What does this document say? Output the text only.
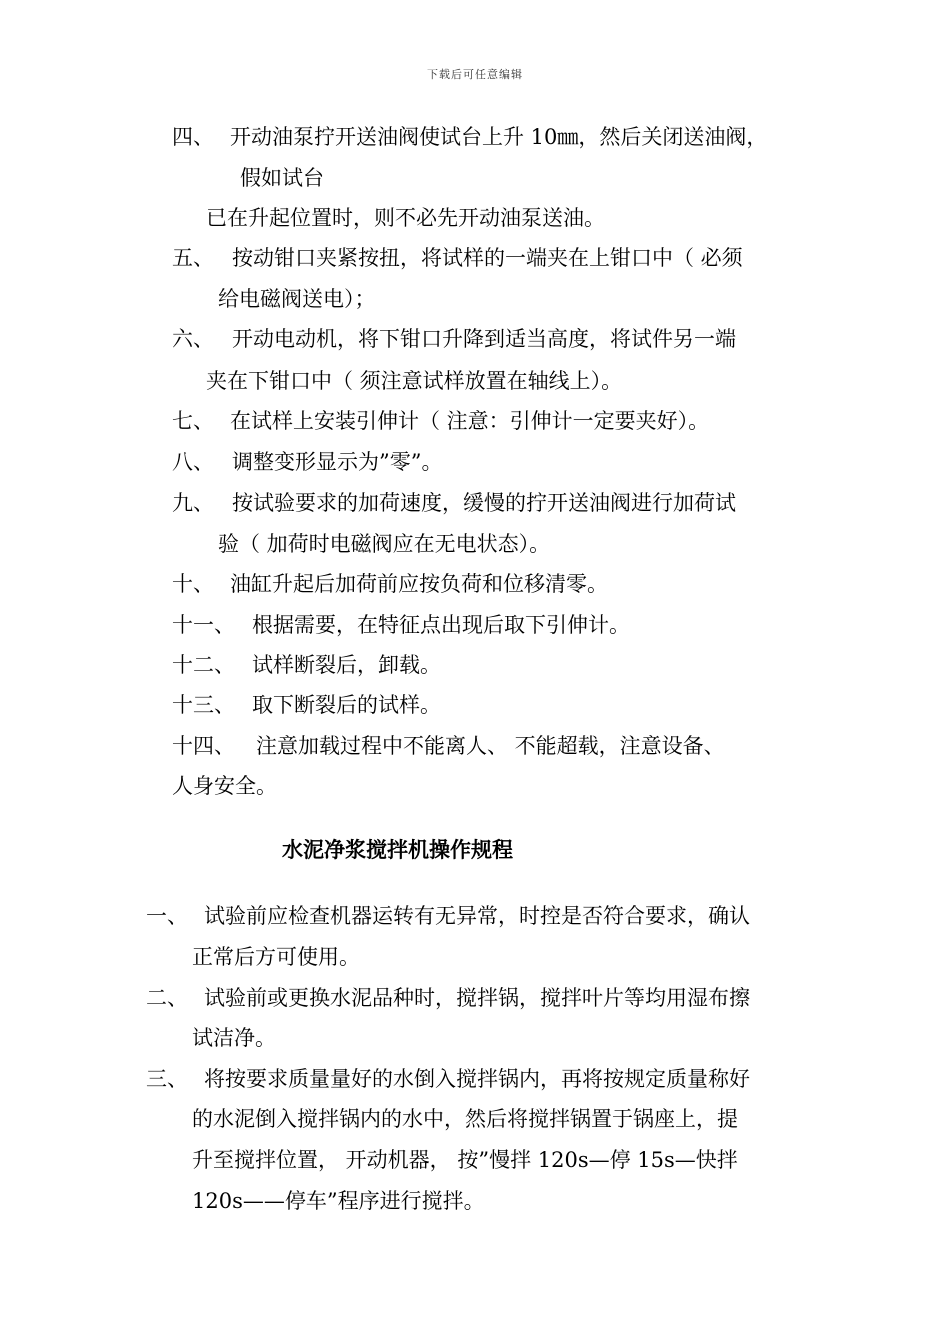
下载后可任意编辑
四、 开动油泵拧开送油阀使试台上升 10㎜，然后关闭送油阀，
假如试台
已在升起位置时，则不必先开动油泵送油。
五、 按动钳口夹紧按扭，将试样的一端夹在上钳口中（ 必须
给电磁阀送电）；
六、 开动电动机，将下钳口升降到适当高度，将试件另一端
夹在下钳口中（ 须注意试样放置在轴线上）。
七、 在试样上安装引伸计（ 注意：引伸计一定要夹好）。
八、 调整变形显示为”零”。
九、 按试验要求的加荷速度，缓慢的拧开送油阀进行加荷试
验（ 加荷时电磁阀应在无电状态）。
十、 油缸升起后加荷前应按负荷和位移清零。
十一、 根据需要，在特征点出现后取下引伸计。
十二、 试样断裂后，卸载。
十三、 取下断裂后的试样。
十四、 注意加载过程中不能离人、 不能超载，注意设备、
人身安全。
水泥净浆搅拌机操作规程
一、 试验前应检查机器运转有无异常，时控是否符合要求，确认
正常后方可使用。
二、 试验前或更换水泥品种时，搅拌锅，搅拌叶片等均用湿布擦
试洁净。
三、 将按要求质量量好的水倒入搅拌锅内，再将按规定质量称好
的水泥倒入搅拌锅内的水中，然后将搅拌锅置于锅座上，提
升至搅拌位置， 开动机器， 按”慢拌 120s—停 15s—快拌
120s——停车”程序进行搅拌。
